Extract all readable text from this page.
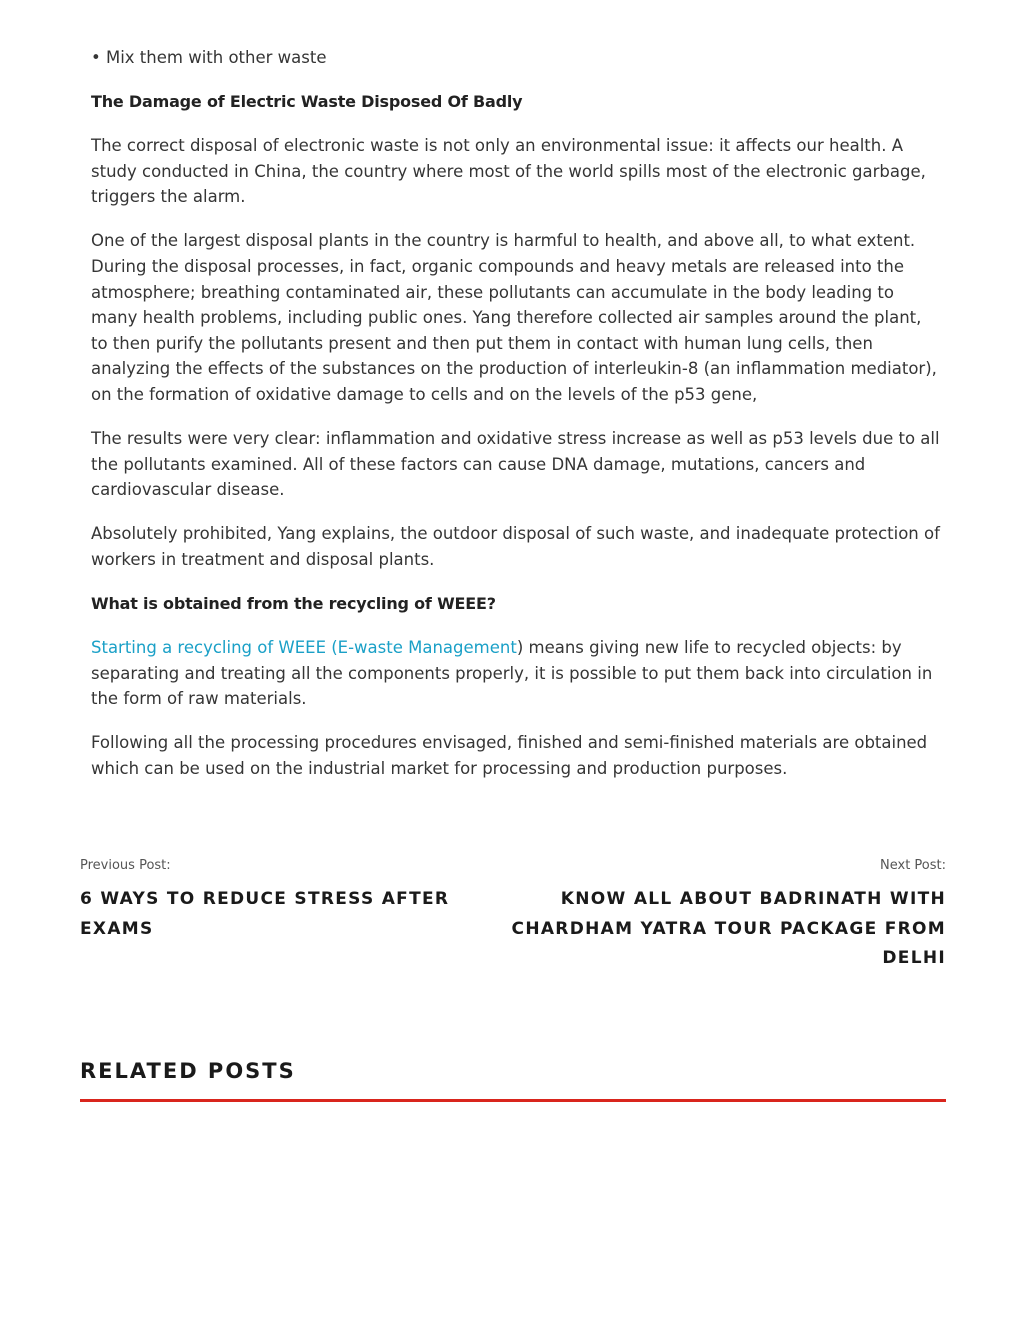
• Mix them with other waste

The Damage of Electric Waste Disposed Of Badly

The correct disposal of electronic waste is not only an environmental issue: it affects our health. A study conducted in China, the country where most of the world spills most of the electronic garbage, triggers the alarm.

One of the largest disposal plants in the country is harmful to health, and above all, to what extent. During the disposal processes, in fact, organic compounds and heavy metals are released into the atmosphere; breathing contaminated air, these pollutants can accumulate in the body leading to many health problems, including public ones. Yang therefore collected air samples around the plant, to then purify the pollutants present and then put them in contact with human lung cells, then analyzing the effects of the substances on the production of interleukin-8 (an inflammation mediator), on the formation of oxidative damage to cells and on the levels of the p53 gene,

The results were very clear: inflammation and oxidative stress increase as well as p53 levels due to all the pollutants examined. All of these factors can cause DNA damage, mutations, cancers and cardiovascular disease.

Absolutely prohibited, Yang explains, the outdoor disposal of such waste, and inadequate protection of workers in treatment and disposal plants.

What is obtained from the recycling of WEEE?

Starting a recycling of WEEE (E-waste Management) means giving new life to recycled objects: by separating and treating all the components properly, it is possible to put them back into circulation in the form of raw materials.

Following all the processing procedures envisaged, finished and semi-finished materials are obtained which can be used on the industrial market for processing and production purposes.

Previous Post:
6 WAYS TO REDUCE STRESS AFTER EXAMS
Next Post:
KNOW ALL ABOUT BADRINATH WITH CHARDHAM YATRA TOUR PACKAGE FROM DELHI
RELATED POSTS
